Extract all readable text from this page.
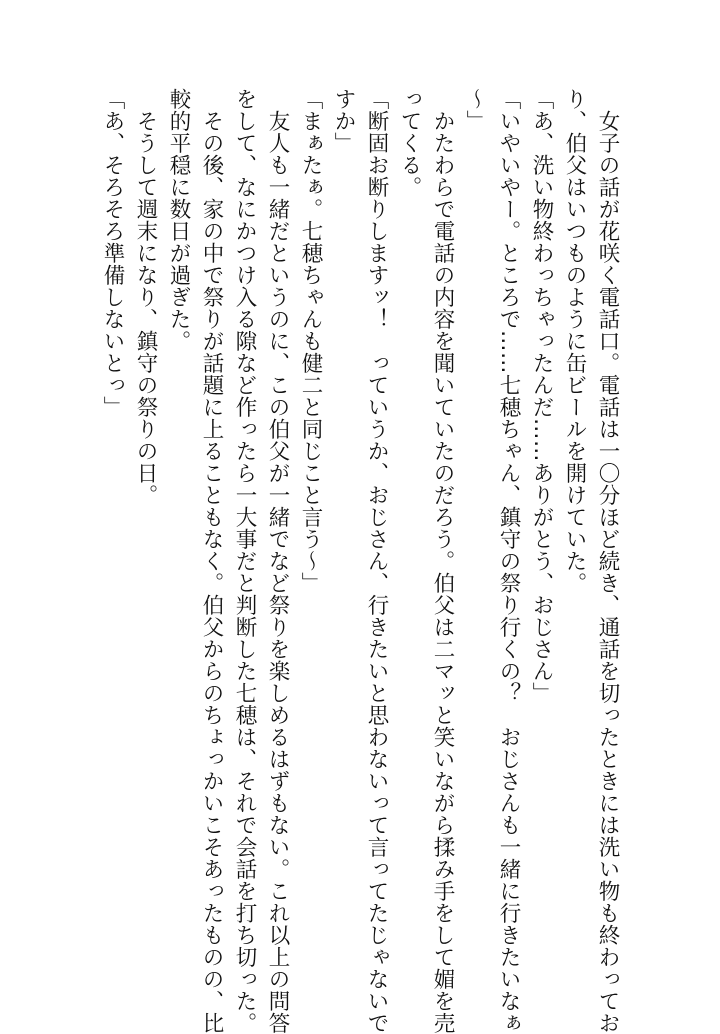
　女子の話が花咲く電話口。電話は一〇分ほど続き、通話を切ったときには洗い物も終わってお
り、伯父はいつものように缶ビールを開けていた。
「あ、洗い物終わっちゃったんだ……ありがとう、おじさん」
「いやいやー。ところで……七穂ちゃん、鎮守の祭り行くの？　おじさんも一緒に行きたいなぁ
～」
　かたわらで電話の内容を聞いていたのだろう。伯父は二マッと笑いながら揉み手をして媚を売
ってくる。
「断固お断りしますッ！　っていうか、おじさん、行きたいと思わないって言ってたじゃないで
すか」
「まぁたぁ。七穂ちゃんも健二と同じこと言う～」
　友人も一緒だというのに、この伯父が一緒でなど祭りを楽しめるはずもない。これ以上の問答
をして、なにかつけ入る隙など作ったら一大事だと判断した七穂は、それで会話を打ち切った。
　その後、家の中で祭りが話題に上ることもなく。伯父からのちょっかいこそあったものの、比
較的平穏に数日が過ぎた。
　そうして週末になり、鎮守の祭りの日。
「あ、そろそろ準備しないとっ」
